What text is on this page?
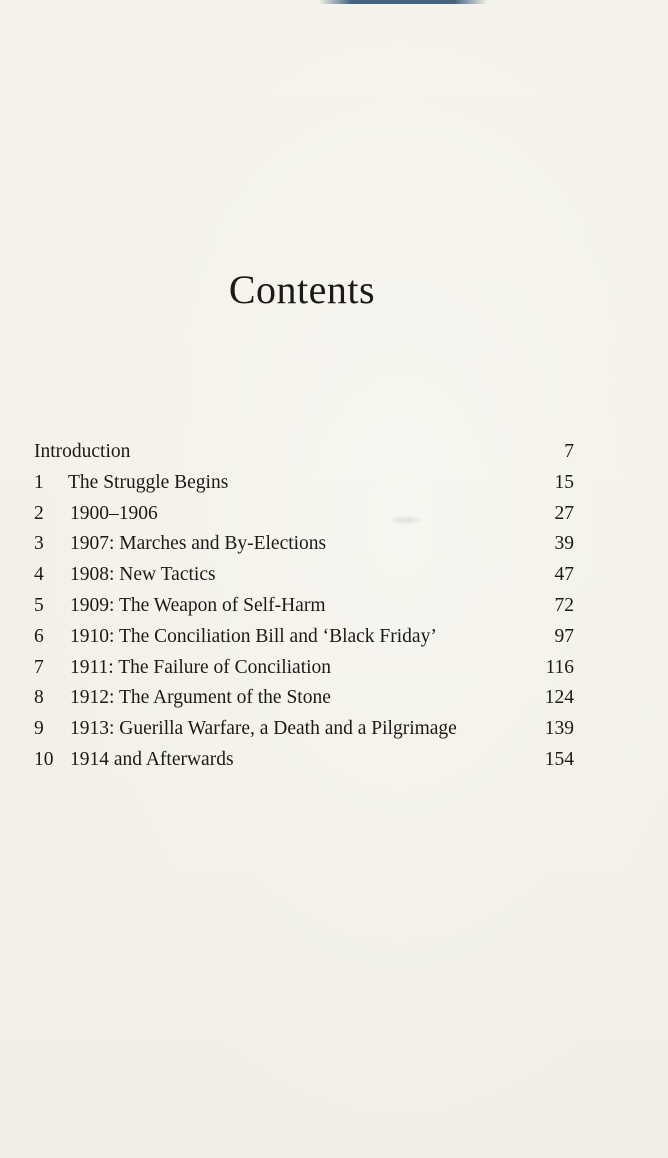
Contents
Introduction	7
1 The Struggle Begins	15
2 1900–1906	27
3 1907: Marches and By-Elections	39
4 1908: New Tactics	47
5 1909: The Weapon of Self-Harm	72
6 1910: The Conciliation Bill and ‘Black Friday’	97
7 1911: The Failure of Conciliation	116
8 1912: The Argument of the Stone	124
9 1913: Guerilla Warfare, a Death and a Pilgrimage	139
10 1914 and Afterwards	154
